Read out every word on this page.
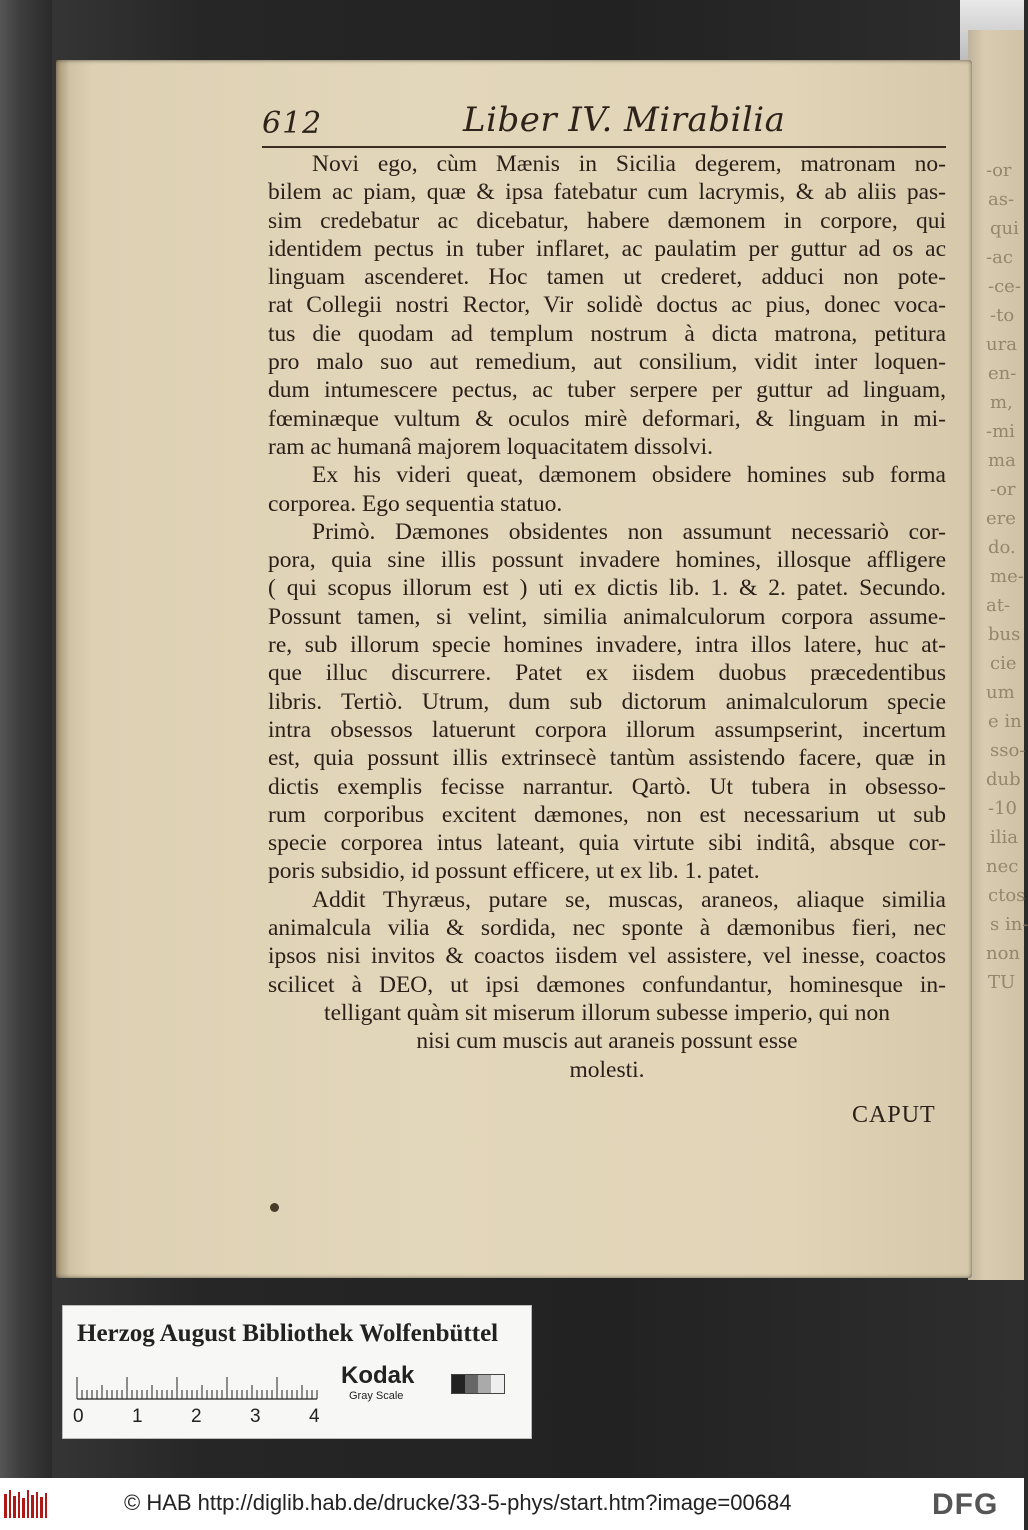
-or
as-
qui
-ac
-ce-
-to
ura
en-
m,
-mi
ma
-or
ere
do.
me-
at-
bus
cie
um
e in
sso-
dub
-10
ilia
nec
ctos
s in-
non
TU
612	Liber IV. Mirabilia
Novi ego, cùm Mænis in Sicilia degerem, matronam no-
bilem ac piam, quæ & ipsa fatebatur cum lacrymis, & ab aliis pas-
sim credebatur ac dicebatur, habere dæmonem in corpore, qui
identidem pectus in tuber inflaret, ac paulatim per guttur ad os ac
linguam ascenderet. Hoc tamen ut crederet, adduci non pote-
rat Collegii nostri Rector, Vir solidè doctus ac pius, donec voca-
tus die quodam ad templum nostrum à dicta matrona, petitura
pro malo suo aut remedium, aut consilium, vidit inter loquen-
dum intumescere pectus, ac tuber serpere per guttur ad linguam,
fœminæque vultum & oculos mirè deformari, & linguam in mi-
ram ac humanâ majorem loquacitatem dissolvi.
Ex his videri queat, dæmonem obsidere homines sub forma
corporea. Ego sequentia statuo.
Primò. Dæmones obsidentes non assumunt necessariò cor-
pora, quia sine illis possunt invadere homines, illosque affligere
( qui scopus illorum est ) uti ex dictis lib. 1. & 2. patet. Secundo.
Possunt tamen, si velint, similia animalculorum corpora assume-
re, sub illorum specie homines invadere, intra illos latere, huc at-
que illuc discurrere. Patet ex iisdem duobus præcedentibus
libris. Tertiò. Utrum, dum sub dictorum animalculorum specie
intra obsessos latuerunt corpora illorum assumpserint, incertum
est, quia possunt illis extrinsecè tantùm assistendo facere, quæ in
dictis exemplis fecisse narrantur. Qartò. Ut tubera in obsesso-
rum corporibus excitent dæmones, non est necessarium ut sub
specie corporea intus lateant, quia virtute sibi inditâ, absque cor-
poris subsidio, id possunt efficere, ut ex lib. 1. patet.
Addit Thyræus, putare se, muscas, araneos, aliaque similia
animalcula vilia & sordida, nec sponte à dæmonibus fieri, nec
ipsos nisi invitos & coactos iisdem vel assistere, vel inesse, coactos
scilicet à DEO, ut ipsi dæmones confundantur, hominesque in-
telligant quàm sit miserum illorum subesse imperio, qui non
nisi cum muscis aut araneis possunt esse
molesti.
CAPUT
Herzog August Bibliothek Wolfenbüttel
0	1	2	3	4
Kodak
Gray Scale
© HAB http://diglib.hab.de/drucke/33-5-phys/start.htm?image=00684	DFG
